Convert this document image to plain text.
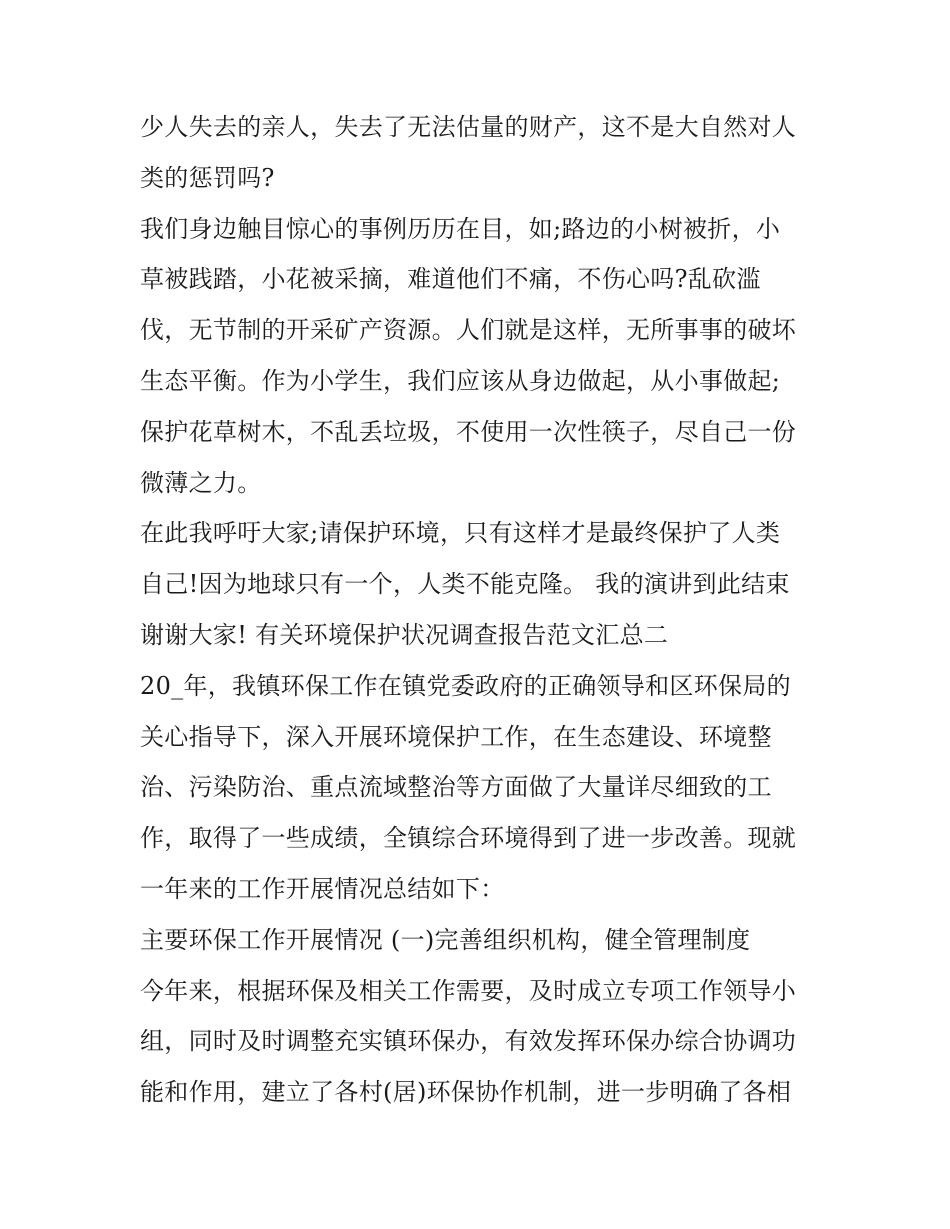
少人失去的亲人，失去了无法估量的财产，这不是大自然对人
类的惩罚吗?
我们身边触目惊心的事例历历在目，如;路边的小树被折，小
草被践踏，小花被采摘，难道他们不痛，不伤心吗?乱砍滥
伐，无节制的开采矿产资源。人们就是这样，无所事事的破坏
生态平衡。作为小学生，我们应该从身边做起，从小事做起;
保护花草树木，不乱丢垃圾，不使用一次性筷子，尽自己一份
微薄之力。
在此我呼吁大家;请保护环境，只有这样才是最终保护了人类
自己!因为地球只有一个，人类不能克隆。 我的演讲到此结束
谢谢大家! 有关环境保护状况调查报告范文汇总二
20_年，我镇环保工作在镇党委政府的正确领导和区环保局的
关心指导下，深入开展环境保护工作，在生态建设、环境整
治、污染防治、重点流域整治等方面做了大量详尽细致的工
作，取得了一些成绩，全镇综合环境得到了进一步改善。现就
一年来的工作开展情况总结如下：
主要环保工作开展情况 (一)完善组织机构，健全管理制度
今年来，根据环保及相关工作需要，及时成立专项工作领导小
组，同时及时调整充实镇环保办，有效发挥环保办综合协调功
能和作用，建立了各村(居)环保协作机制，进一步明确了各相
